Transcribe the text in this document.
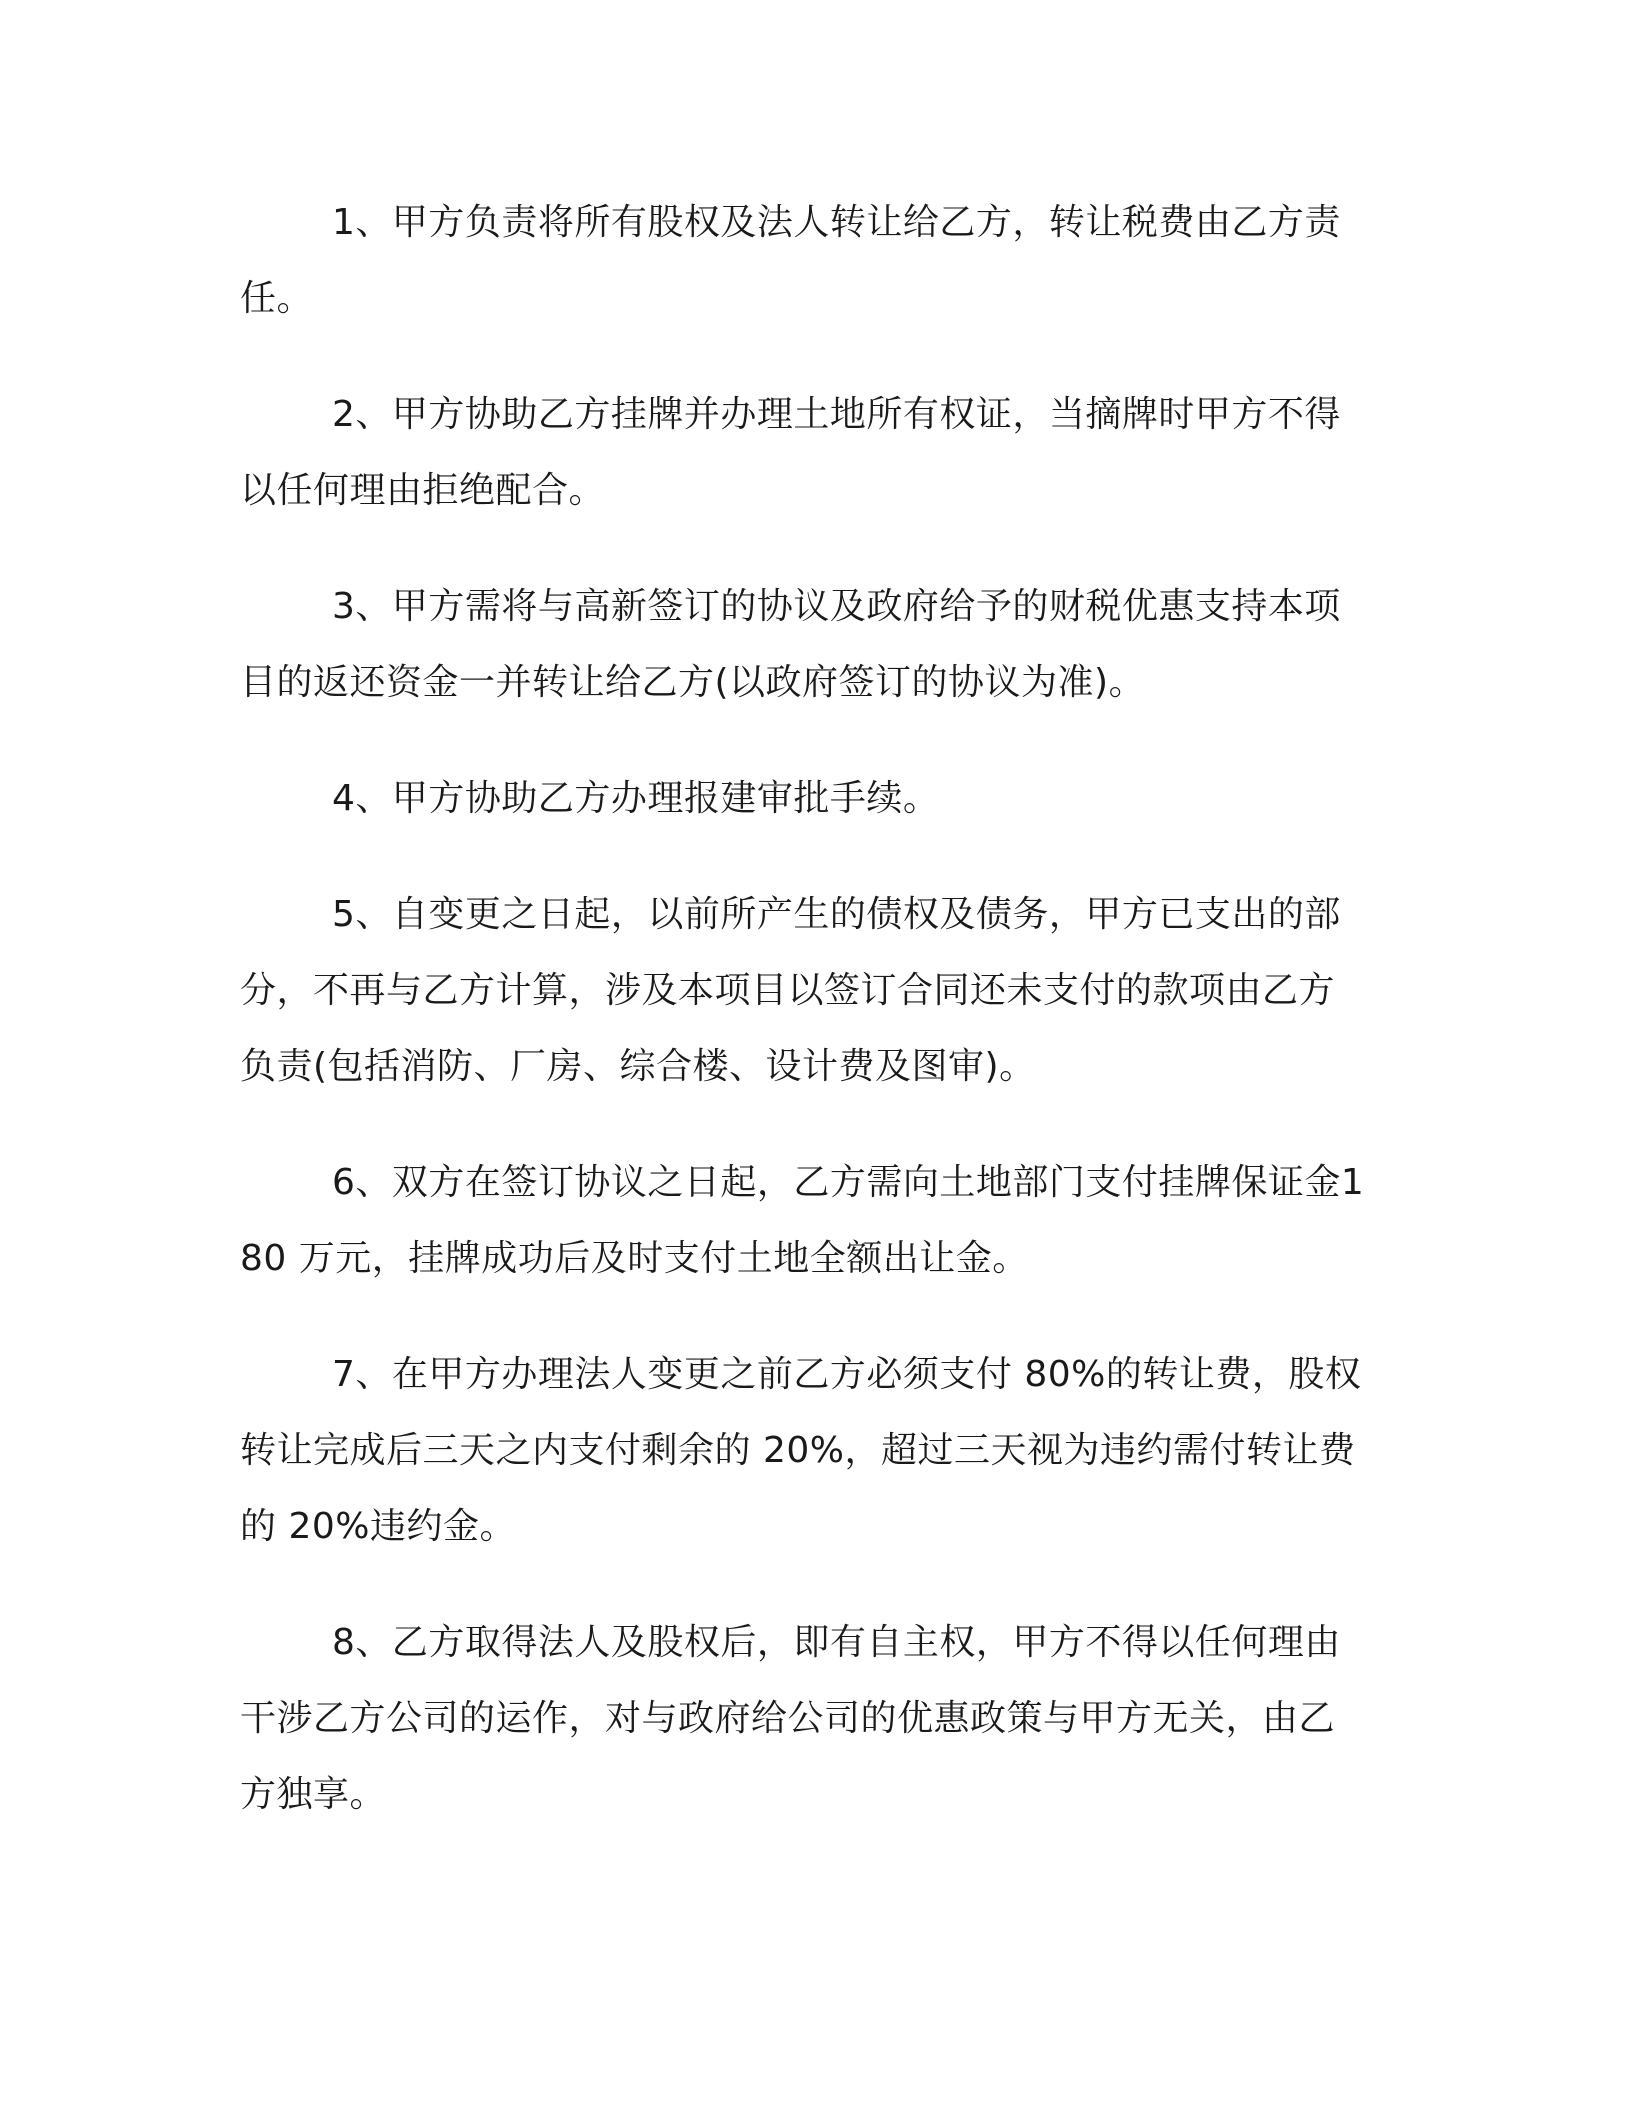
1、甲方负责将所有股权及法人转让给乙方，转让税费由乙方责任。

2、甲方协助乙方挂牌并办理土地所有权证，当摘牌时甲方不得以任何理由拒绝配合。

3、甲方需将与高新签订的协议及政府给予的财税优惠支持本项目的返还资金一并转让给乙方(以政府签订的协议为准)。

4、甲方协助乙方办理报建审批手续。

5、自变更之日起，以前所产生的债权及债务，甲方已支出的部分，不再与乙方计算，涉及本项目以签订合同还未支付的款项由乙方负责(包括消防、厂房、综合楼、设计费及图审)。

6、双方在签订协议之日起，乙方需向土地部门支付挂牌保证金180 万元，挂牌成功后及时支付土地全额出让金。

7、在甲方办理法人变更之前乙方必须支付 80%的转让费，股权转让完成后三天之内支付剩余的 20%，超过三天视为违约需付转让费的 20%违约金。

8、乙方取得法人及股权后，即有自主权，甲方不得以任何理由干涉乙方公司的运作，对与政府给公司的优惠政策与甲方无关，由乙方独享。
